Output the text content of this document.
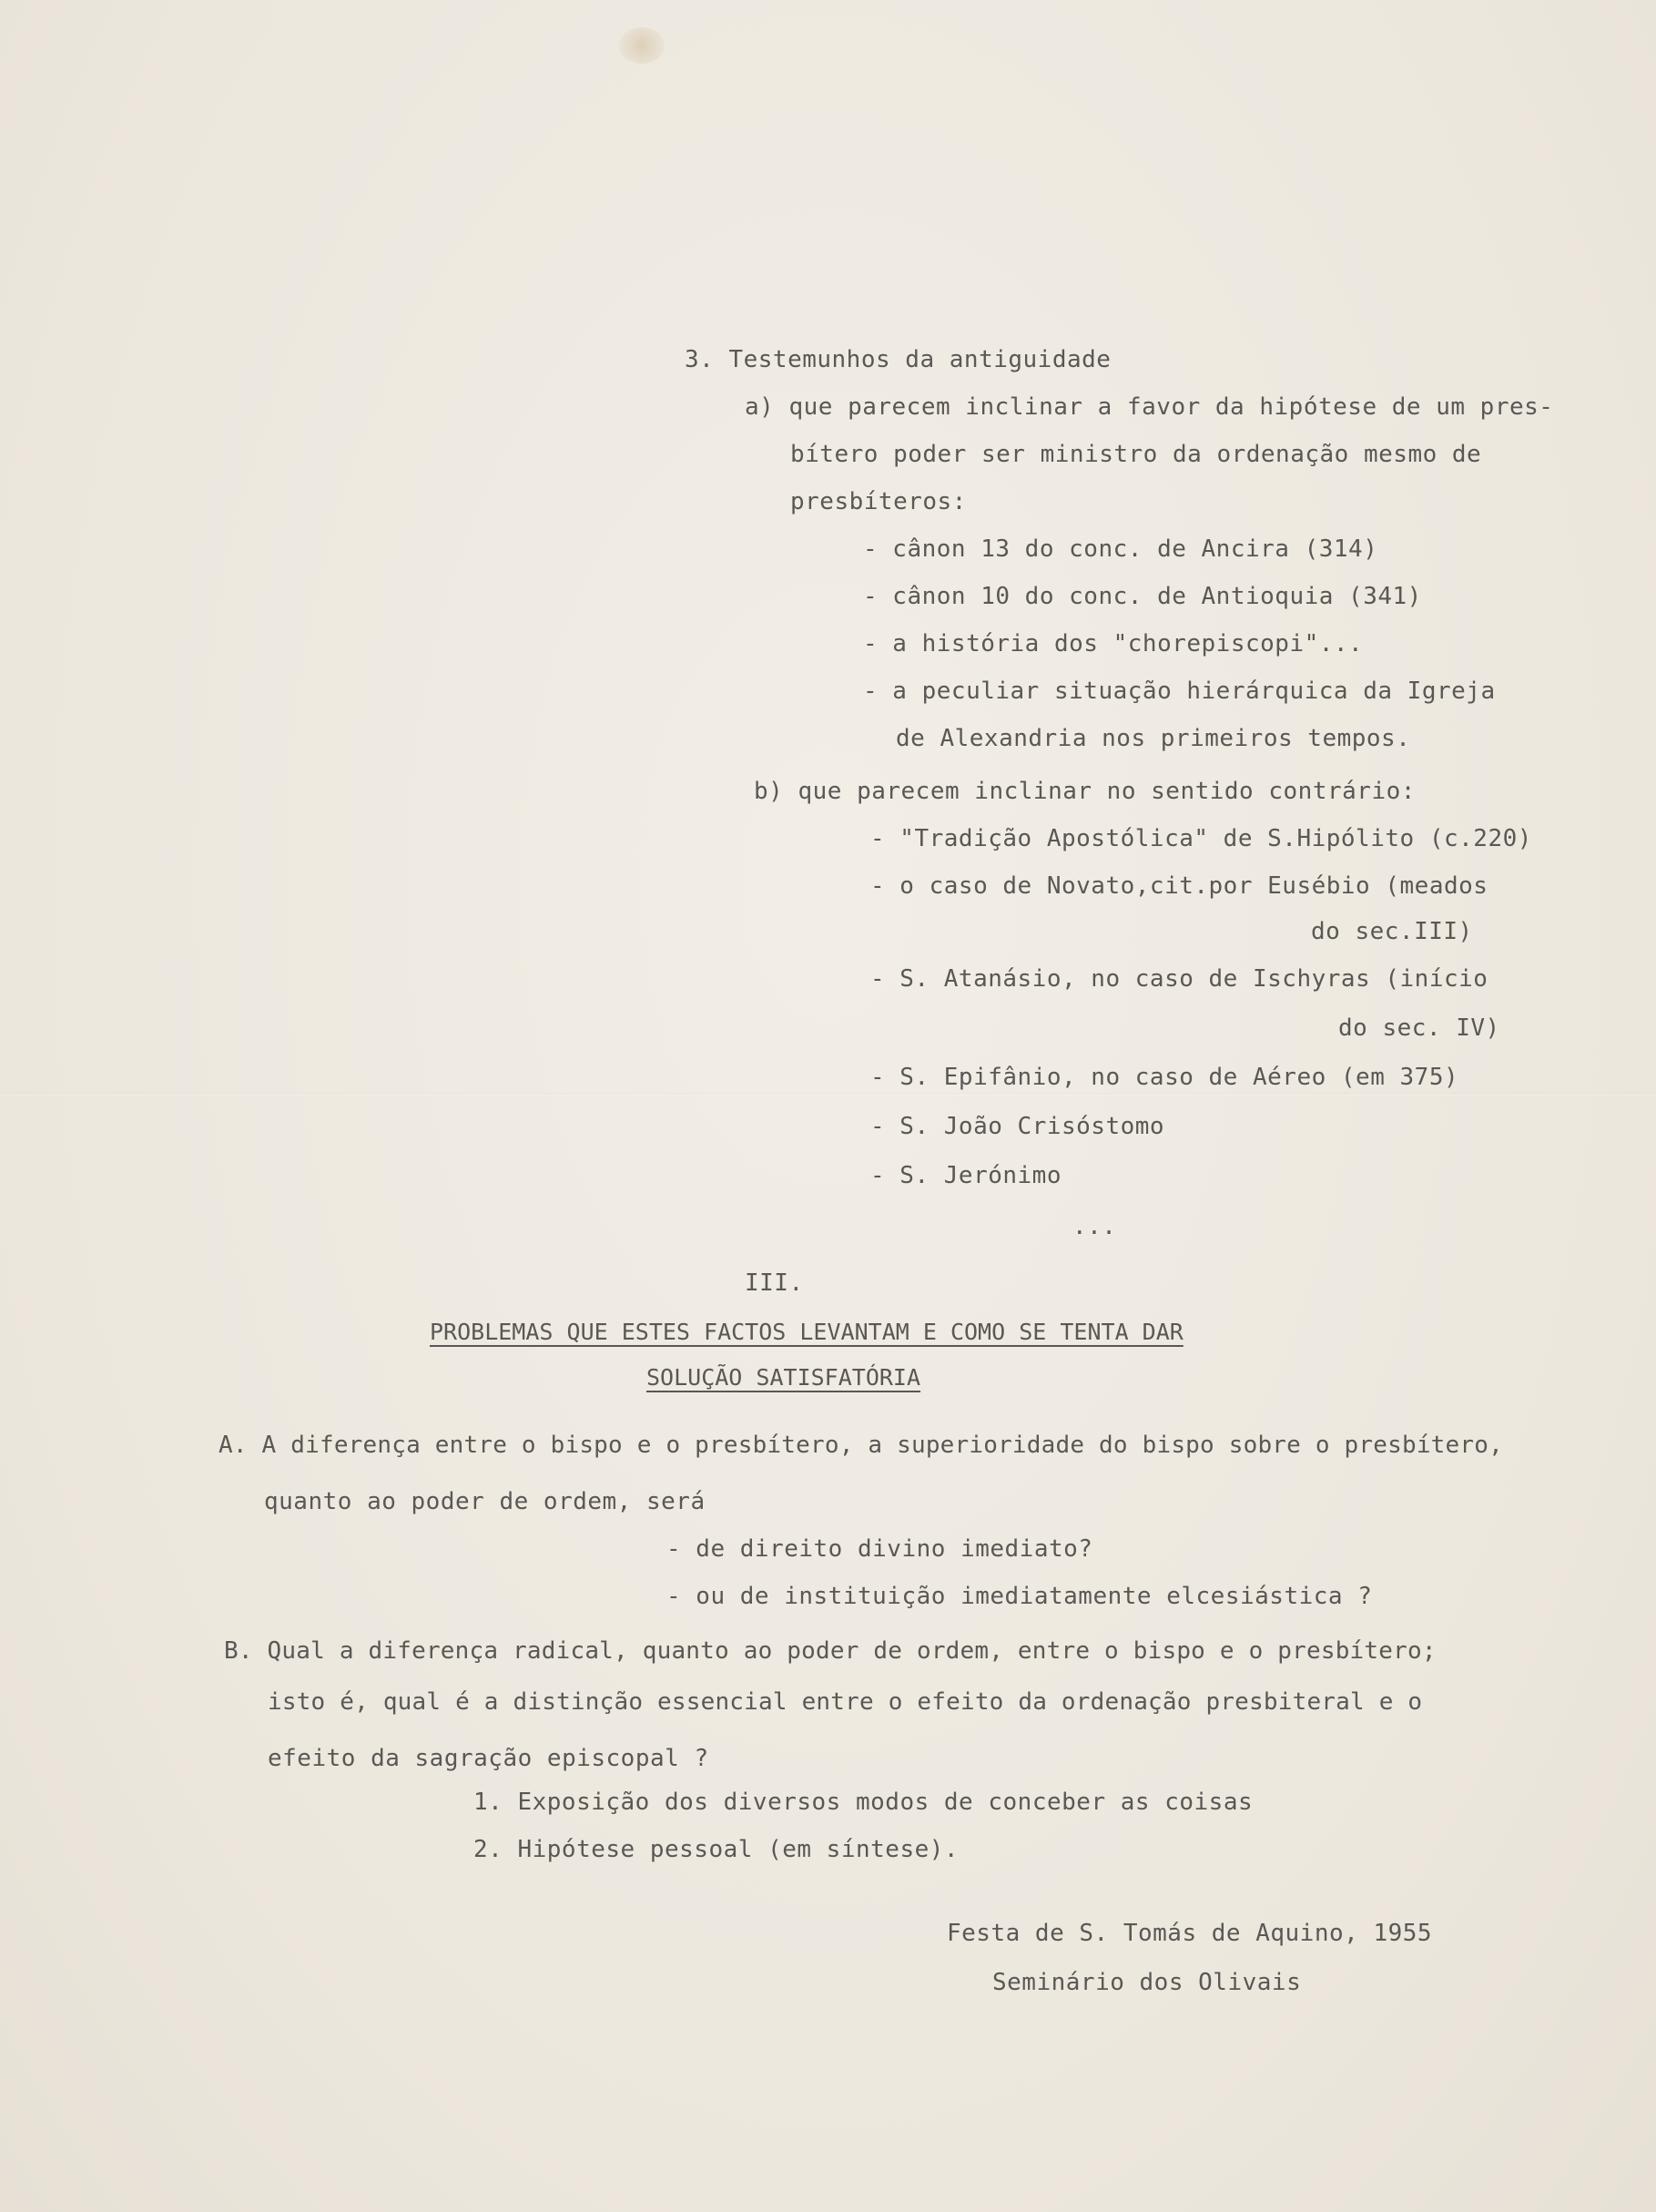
3. Testemunhos da antiguidade
a) que parecem inclinar a favor da hipótese de um pres-
bítero poder ser ministro da ordenação mesmo de
presbíteros:
- cânon 13 do conc. de Ancira (314)
- cânon 10 do conc. de Antioquia (341)
- a história dos "chorepiscopi"...
- a peculiar situação hierárquica da Igreja
de Alexandria nos primeiros tempos.
b) que parecem inclinar no sentido contrário:
- "Tradição Apostólica" de S.Hipólito (c.220)
- o caso de Novato,cit.por Eusébio (meados
do sec.III)
- S. Atanásio, no caso de Ischyras (início
do sec. IV)
- S. Epifânio, no caso de Aéreo (em 375)
- S. João Crisóstomo
- S. Jerónimo
...
III.
PROBLEMAS QUE ESTES FACTOS LEVANTAM E COMO SE TENTA DAR
SOLUÇÃO SATISFATÓRIA
A. A diferença entre o bispo e o presbítero, a superioridade do bispo sobre o presbítero,
quanto ao poder de ordem, será
- de direito divino imediato?
- ou de instituição imediatamente elcesiástica ?
B. Qual a diferença radical, quanto ao poder de ordem, entre o bispo e o presbítero;
isto é, qual é a distinção essencial entre o efeito da ordenação presbiteral e o
efeito da sagração episcopal ?
1. Exposição dos diversos modos de conceber as coisas
2. Hipótese pessoal (em síntese).
Festa de S. Tomás de Aquino, 1955
Seminário dos Olivais
